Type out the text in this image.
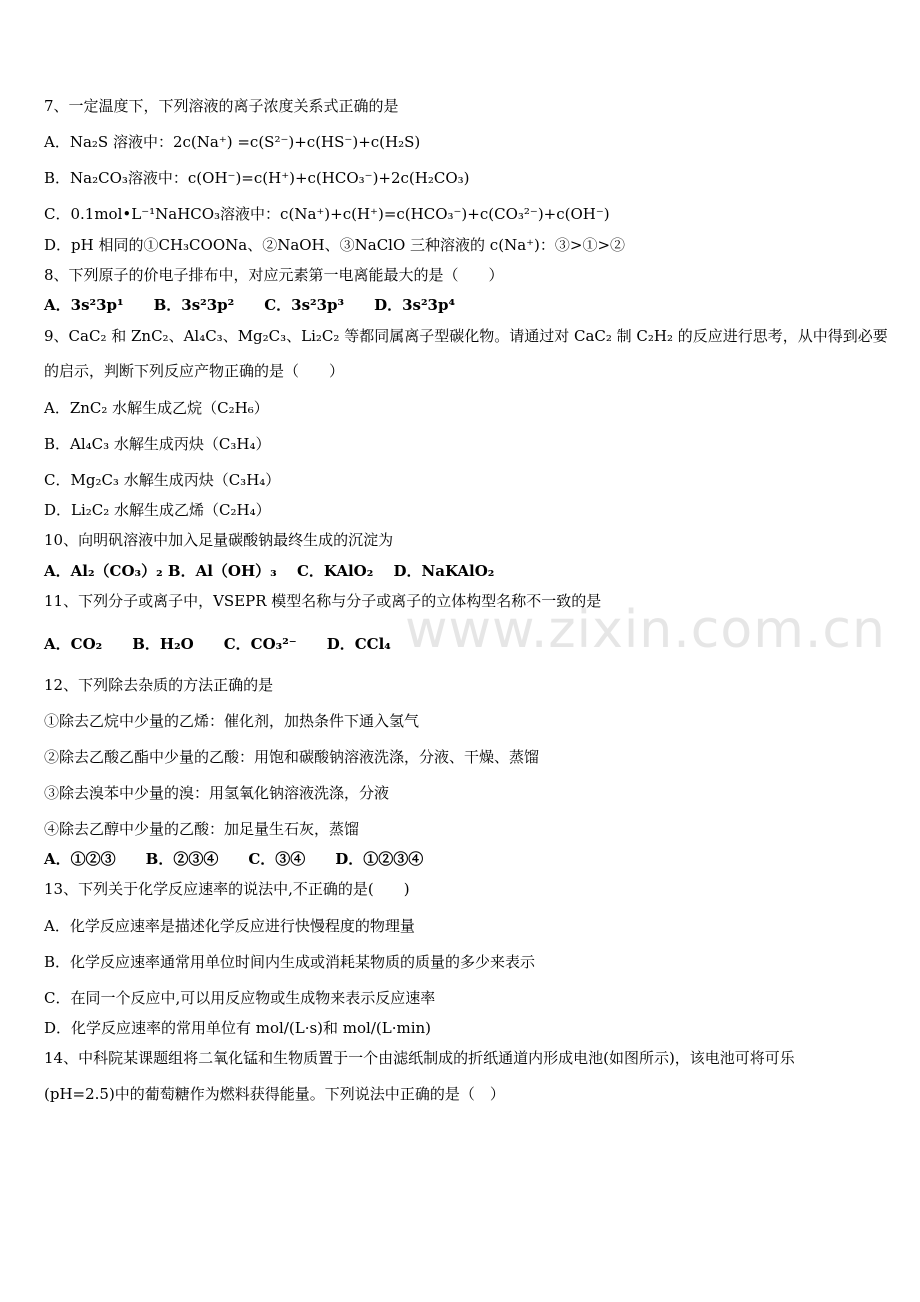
www.zixin.com.cn
7、一定温度下，下列溶液的离子浓度关系式正确的是
A．Na₂S 溶液中：2c(Na⁺) =c(S²⁻)+c(HS⁻)+c(H₂S)
B．Na₂CO₃溶液中：c(OH⁻)=c(H⁺)+c(HCO₃⁻)+2c(H₂CO₃)
C．0.1mol•L⁻¹NaHCO₃溶液中：c(Na⁺)+c(H⁺)=c(HCO₃⁻)+c(CO₃²⁻)+c(OH⁻)
D．pH 相同的①CH₃COONa、②NaOH、③NaClO 三种溶液的 c(Na⁺)：③>①>②
8、下列原子的价电子排布中，对应元素第一电离能最大的是（　　）
A．3s²3p¹　　B．3s²3p²　　C．3s²3p³　　D．3s²3p⁴
9、CaC₂ 和 ZnC₂、Al₄C₃、Mg₂C₃、Li₂C₂ 等都同属离子型碳化物。请通过对 CaC₂ 制 C₂H₂ 的反应进行思考，从中得到必要
的启示，判断下列反应产物正确的是（　　）
A．ZnC₂ 水解生成乙烷（C₂H₆）
B．Al₄C₃ 水解生成丙炔（C₃H₄）
C．Mg₂C₃ 水解生成丙炔（C₃H₄）
D．Li₂C₂ 水解生成乙烯（C₂H₄）
10、向明矾溶液中加入足量碳酸钠最终生成的沉淀为
A．Al₂（CO₃）₂ B．Al（OH）₃　 C．KAlO₂　 D．NaKAlO₂
11、下列分子或离子中，VSEPR 模型名称与分子或离子的立体构型名称不一致的是
A．CO₂　　B．H₂O　　C．CO₃²⁻　　D．CCl₄
12、下列除去杂质的方法正确的是
①除去乙烷中少量的乙烯：催化剂，加热条件下通入氢气
②除去乙酸乙酯中少量的乙酸：用饱和碳酸钠溶液洗涤，分液、干燥、蒸馏
③除去溴苯中少量的溴：用氢氧化钠溶液洗涤，分液
④除去乙醇中少量的乙酸：加足量生石灰，蒸馏
A．①②③　　B．②③④　　C．③④　　D．①②③④
13、下列关于化学反应速率的说法中,不正确的是(　　)
A．化学反应速率是描述化学反应进行快慢程度的物理量
B．化学反应速率通常用单位时间内生成或消耗某物质的质量的多少来表示
C．在同一个反应中,可以用反应物或生成物来表示反应速率
D．化学反应速率的常用单位有 mol/(L·s)和 mol/(L·min)
14、中科院某课题组将二氧化锰和生物质置于一个由滤纸制成的折纸通道内形成电池(如图所示)，该电池可将可乐
(pH=2.5)中的葡萄糖作为燃料获得能量。下列说法中正确的是（　）
